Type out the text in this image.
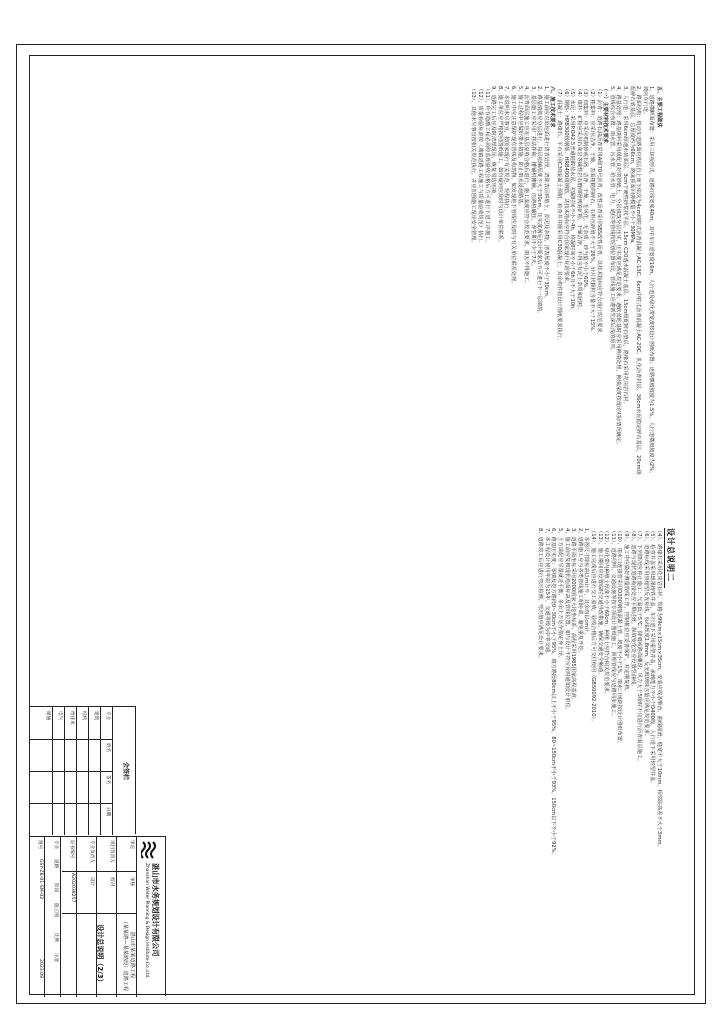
五、主要工程做法

1、道路横断面布置：采用三块板形式，道路红线宽度40m，其中车行道宽度16m，人行道及绿化带宽度按设计图纸布置；道路横坡坡度为1.5%，人行道横坡坡度为2%，坡向车行道。

2、路面结构：机动车道路面结构层自上而下依次为4cm细粒式沥青混凝土AC-13C、6cm中粒式沥青混凝土AC-20C、乳化沥青封层、36cm水泥稳定碎石基层、20cm级配碎石底基层，总厚度约为66cm，路床顶面回弹模量不小于30MPa。

3、人行道：采用6cm厚透水砖面层、3cm干硬性砂浆找平层、15cm C20透水混凝土基层、15cm级配碎石垫层，路缘石采用花岗岩石材。

4、路基处理：路基填料采用级配良好的砂砾土，分层填筑分层压实，压实度应满足规范要求；遇软弱地基时应采用换填处理，换填深度按现场实际情况确定。

5、管线综合布置：雨水管、污水管、给水管、电力、通信等管线按规划位置布设，管线施工应遵循先深后浅的原则。

（一）主要材料技术要求

（1）沥青：道路石油沥青采用A级70号沥青，改性沥青采用SBS改性沥青，其技术指标应符合现行规范要求。

（2）粗集料：应采用洁净、干燥、表面粗糙的碎石，石料压碎值不大于26%，针片状颗粒含量不大于15%。

（3）细集料：应采用机制砂或石屑，洁净、干燥、无风化、无杂质，砂当量不小于60%。

（4）填料：矿粉应采用石灰岩等碱性岩石磨细得到的矿粉，干燥洁净，不得含有泥土杂质和团粒。

（5）水泥：采用P.O42.5普通硅酸盐水泥，初凝时间不小于4h，终凝时间不小于6h且不大于10h。

（6）钢筋：HPB300级钢筋、HRB400级钢筋，其技术指标应符合国家现行标准要求。

（7）混凝土：路缘石、平石采用C30混凝土预制，检查井井圈采用C30混凝土，其余构件按设计图纸要求执行。

六、施工技术要求

1、施工前应对原地面进行清表处理，清除表层耕植土、淤泥及杂物，清表厚度不小于30cm。

2、路基填筑应分层进行，每层松铺厚度不大于30cm，压实度满足设计要求后方可进行下一层填筑。

3、基层施工应采用厂拌法拌和，摊铺机摊铺，压路机碾压，养生期不少于7天。

4、沥青面层施工应在基层验收合格后进行，施工温度应符合规范要求，雨天不得施工。

5、施工过程中应做好排水措施，防止雨水浸泡路基。

6、施工中应注意保护现有管线及构筑物，如发现地下管线应及时与有关单位联系处理。

7、本说明未尽事宜，按国家现行有关规范、规程执行。

8、施工单位应严格按照图纸施工，如有疑问应及时与设计单位联系。

9、道路完工后应及时清理现场，恢复周边环境。

（11）、所有隐蔽工程必须经监理验收合格后方可进行下道工序施工。

（12）、质量检验标准按《城镇道路工程施工与质量验收规范》执行。

（13）、其他未尽事宜按相关规范执行，并应加强施工现场安全管理。

设计总说明二

（4）、路缘石采用花岗岩石材，规格为99cm×15cm×35cm，安装应线条顺直、曲线圆滑，缝宽不大于10mm，相邻块高差不大于3mm。

（5）、检查井盖采用球墨铸铁井盖，车行道下采用重型井盖，承载能力不小于D400级，人行道下采用轻型井盖。

（6）、道路标线采用热熔型反光标线，标线厚度1.8mm，反光玻璃珠含量应满足规范要求。

（7）、下列情况应停止施工：气温低于5℃；降雨或路面潮湿；风力大于5级时不宜进行沥青面层施工。

（8）、道路与现状道路衔接处应平顺过渡，纵坡变化处应设置竖曲线。

（9）、施工中应做好测量放线工作，控制桩位应妥善保护，并定期复核。

（10）、雨水口连接管采用D300钢筋混凝土管，坡度不小于1%，雨水口间距按设计图纸布置。

（11）、道路照明、交通设施等按专项设计图纸施工，预埋管线应与道路同步施工。

（12）、绿化带内种植土厚度不小于60cm，种植土应符合相关规范要求。

（13）、施工期间应设置临时交通导改措施，确保交通安全畅通。

（14）、施工完成后应进行交工验收，验收合格后方可交付使用（GB50092-2010）。

1、本图尺寸除标高以m计外，其余均以cm计。

2、道路施工应与各类管线施工相协调，避免重复开挖。

3、道路平面坐标采用2000国家大地坐标系，高程采用1985国家高程基准。

4、施工前应复核现状地面标高及管线位置，如与设计不符应及时通知设计单位。

5、土方调配应尽量就近平衡，多余土方运至指定弃土场。

6、路基压实度：零填及挖方路段0~30cm不小于95%，填方路段80cm以上不小于95%，80~150cm不小于93%，150cm以下不小于92%。

7、本工程设计使用年限为15年，交通等级为中等交通。

8、道路竣工后应进行弯沉检测，弯沉值应满足设计要求。

会签栏
专业
姓名
签名
日期
建筑
结构
给排水
电气
暖通
湛山市水务规划设计有限公司
Zhanshan Water Planning & Design Institute Co.,Ltd.
湛山市某某道路工程
（某某路—某某路段）道路工程
设计总说明（2/3）
审定
审核
项目负责人
校对
专业负责人
设计
证书编号
A202038257
专业
道路
阶段
施工图
比例
示意
图号
GSY-ZB-01-SM-02
2023.09
